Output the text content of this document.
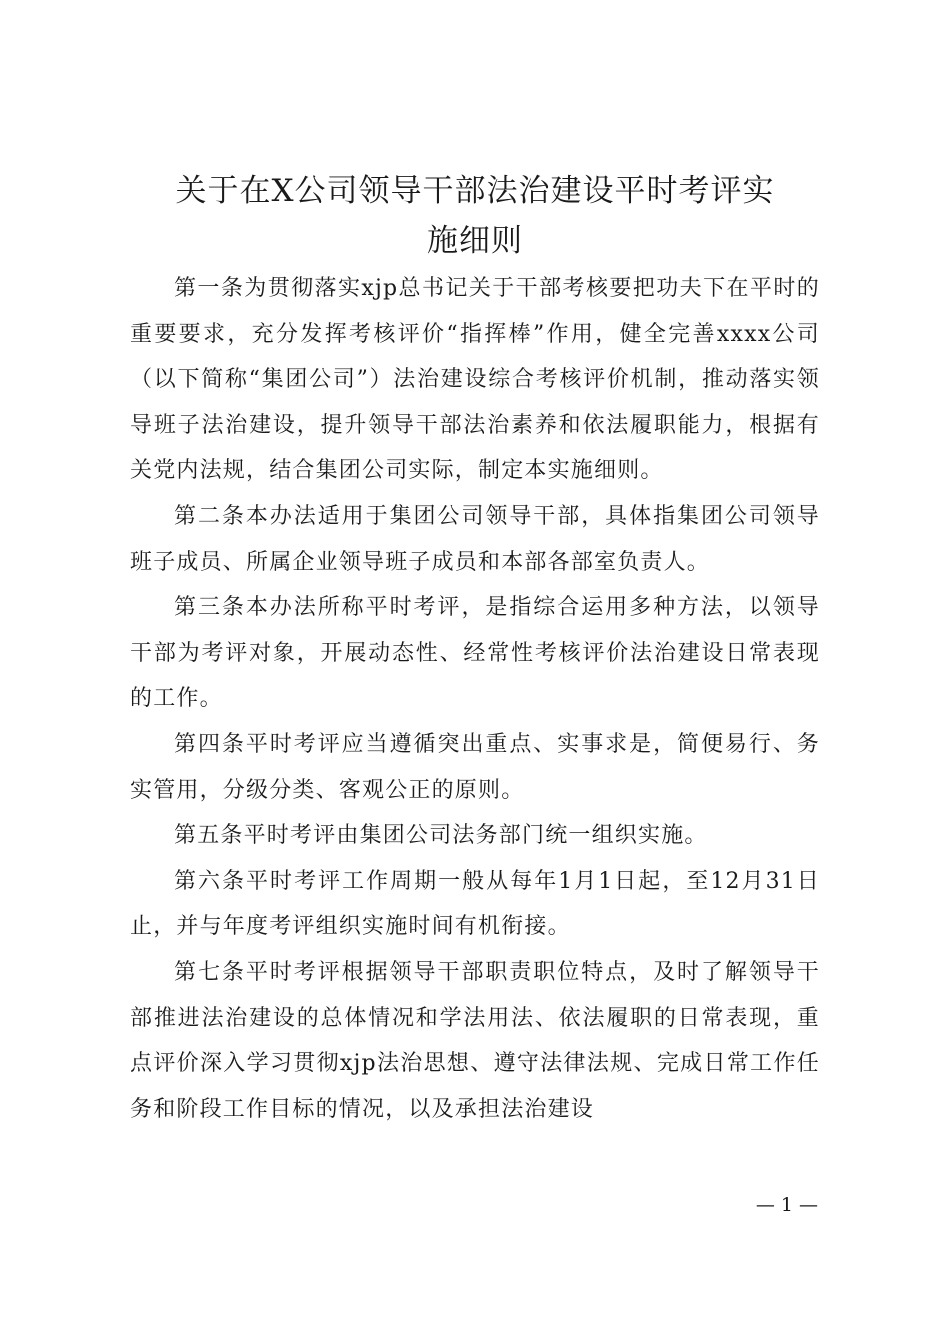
关于在X公司领导干部法治建设平时考评实
施细则

第一条为贯彻落实xjp总书记关于干部考核要把功夫下在平时的重要要求，充分发挥考核评价“指挥棒”作用，健全完善xxxx公司（以下简称“集团公司”）法治建设综合考核评价机制，推动落实领导班子法治建设，提升领导干部法治素养和依法履职能力，根据有关党内法规，结合集团公司实际，制定本实施细则。

第二条本办法适用于集团公司领导干部，具体指集团公司领导班子成员、所属企业领导班子成员和本部各部室负责人。

第三条本办法所称平时考评，是指综合运用多种方法，以领导干部为考评对象，开展动态性、经常性考核评价法治建设日常表现的工作。

第四条平时考评应当遵循突出重点、实事求是，简便易行、务实管用，分级分类、客观公正的原则。

第五条平时考评由集团公司法务部门统一组织实施。

第六条平时考评工作周期一般从每年1月1日起，至12月31日止，并与年度考评组织实施时间有机衔接。

第七条平时考评根据领导干部职责职位特点，及时了解领导干部推进法治建设的总体情况和学法用法、依法履职的日常表现，重点评价深入学习贯彻xjp法治思想、遵守法律法规、完成日常工作任务和阶段工作目标的情况，以及承担法治建设

— 1 —
